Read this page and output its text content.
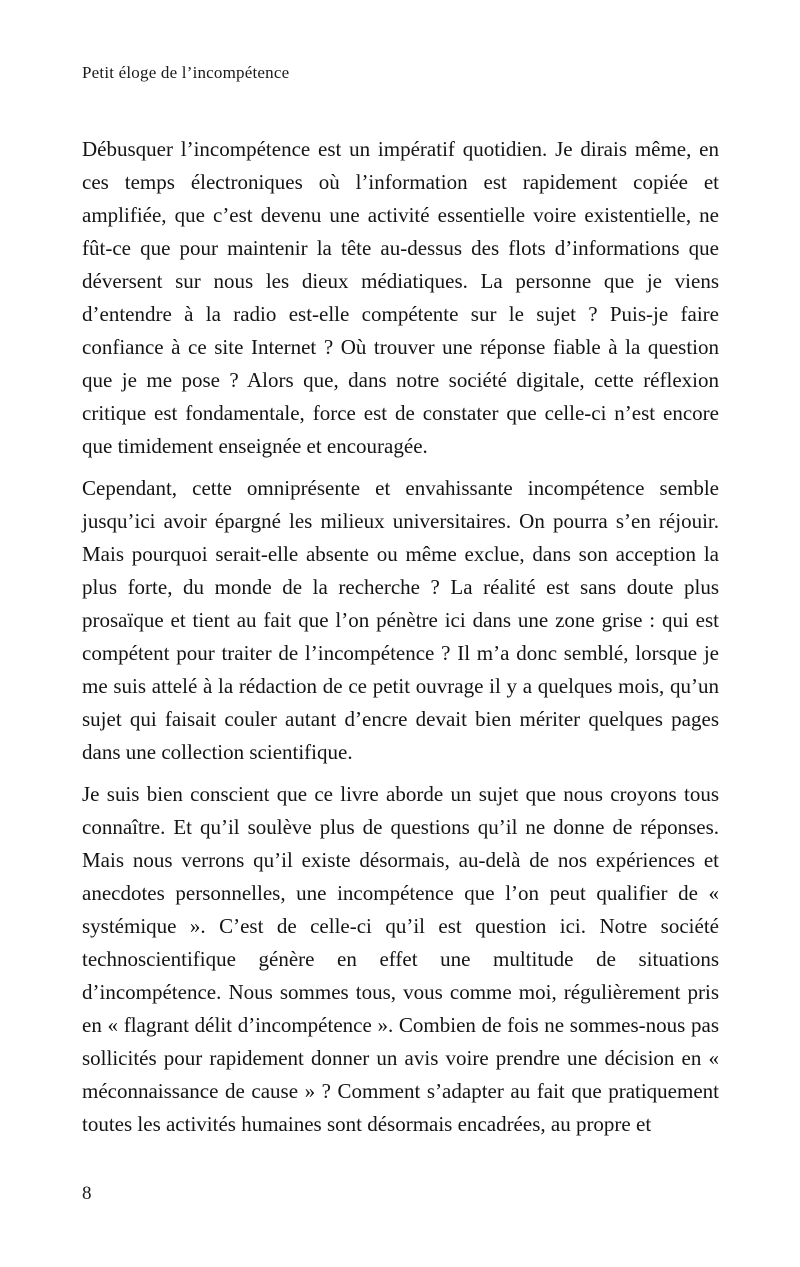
Petit éloge de l’incompétence

Débusquer l’incompétence est un impératif quotidien. Je dirais même, en ces temps électroniques où l’information est rapidement copiée et amplifiée, que c’est devenu une activité essentielle voire existentielle, ne fût-ce que pour maintenir la tête au-dessus des flots d’informations que déversent sur nous les dieux médiatiques. La personne que je viens d’entendre à la radio est-elle compétente sur le sujet ? Puis-je faire confiance à ce site Internet ? Où trouver une réponse fiable à la question que je me pose ? Alors que, dans notre société digitale, cette réflexion critique est fondamentale, force est de constater que celle-ci n’est encore que timidement enseignée et encouragée.

Cependant, cette omniprésente et envahissante incompétence semble jusqu’ici avoir épargné les milieux universitaires. On pourra s’en réjouir. Mais pourquoi serait-elle absente ou même exclue, dans son acception la plus forte, du monde de la recherche ? La réalité est sans doute plus prosaïque et tient au fait que l’on pénètre ici dans une zone grise : qui est compétent pour traiter de l’incompétence ? Il m’a donc semblé, lorsque je me suis attelé à la rédaction de ce petit ouvrage il y a quelques mois, qu’un sujet qui faisait couler autant d’encre devait bien mériter quelques pages dans une collection scientifique.

Je suis bien conscient que ce livre aborde un sujet que nous croyons tous connaître. Et qu’il soulève plus de questions qu’il ne donne de réponses. Mais nous verrons qu’il existe désormais, au-delà de nos expériences et anecdotes personnelles, une incompétence que l’on peut qualifier de « systémique ». C’est de celle-ci qu’il est question ici. Notre société technoscientifique génère en effet une multitude de situations d’incompétence. Nous sommes tous, vous comme moi, régulièrement pris en « flagrant délit d’incompétence ». Combien de fois ne sommes-nous pas sollicités pour rapidement donner un avis voire prendre une décision en « méconnaissance de cause » ? Comment s’adapter au fait que pratiquement toutes les activités humaines sont désormais encadrées, au propre et

8
